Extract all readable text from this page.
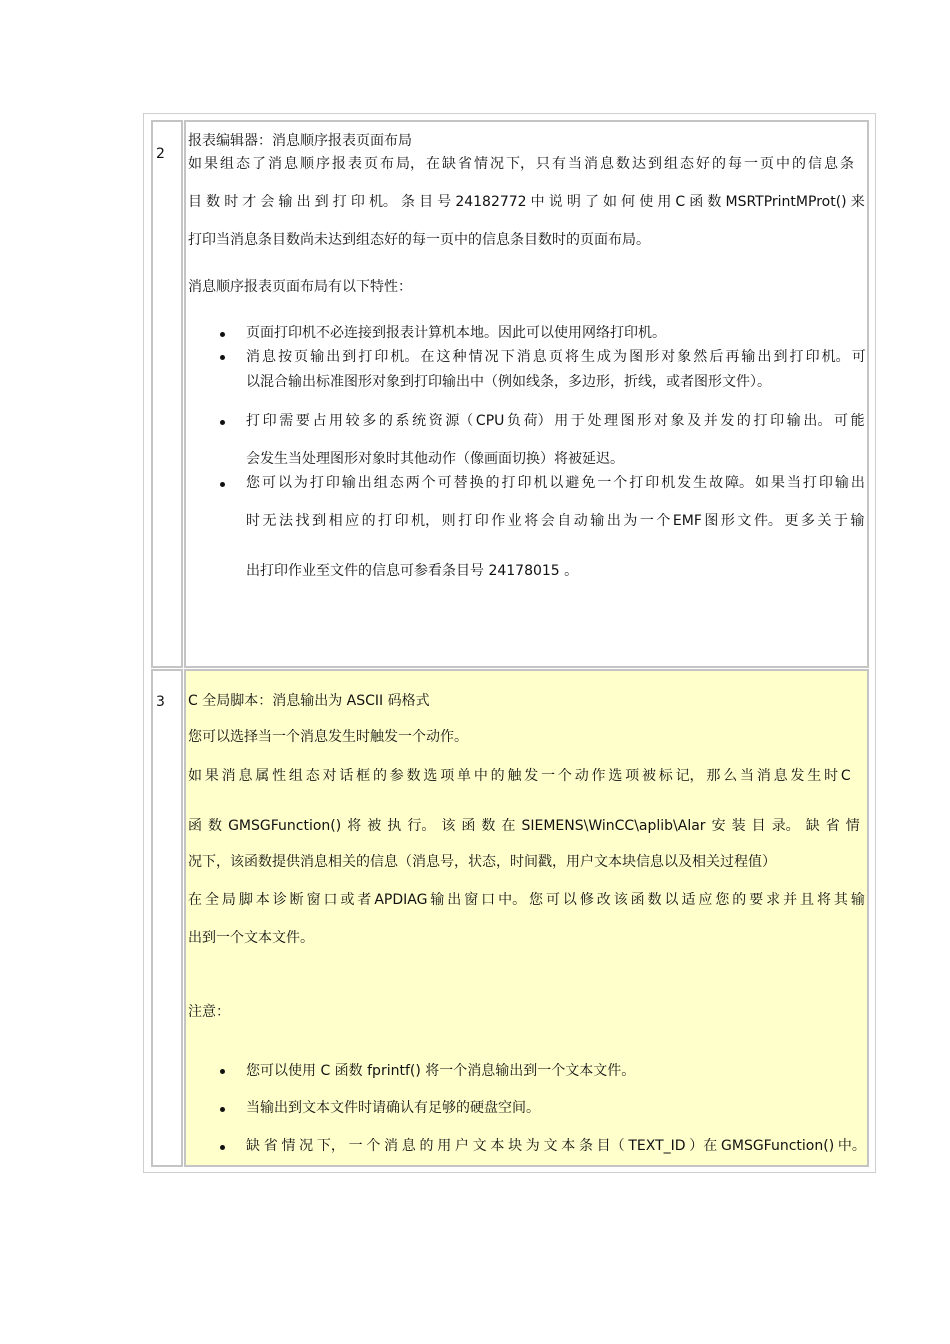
2
报表编辑器：消息顺序报表页面布局
如 果 组 态 了 消 息 顺 序 报 表 页 布 局， 在 缺 省 情 况 下， 只 有 当 消 息 数 达 到 组 态 好 的 每 一 页 中 的 信 息 条
目 数 时 才 会 输 出 到 打 印 机。 条 目 号 24182772 中 说 明 了 如 何 使 用 C 函 数 MSRTPrintMProt() 来
打印当消息条目数尚未达到组态好的每一页中的信息条目数时的页面布局。
消息顺序报表页面布局有以下特性：
页面打印机不必连接到报表计算机本地。因此可以使用网络打印机。
消 息 按 页 输 出 到 打 印 机。 在 这 种 情 况 下 消 息 页 将 生 成 为 图 形 对 象 然 后 再 输 出 到 打 印 机。 可
以混合输出标准图形对象到打印输出中（例如线条，多边形，折线，或者图形文件）。
打 印 需 要 占 用 较 多 的 系 统 资 源（ CPU 负 荷） 用 于 处 理 图 形 对 象 及 并 发 的 打 印 输 出。 可 能
会发生当处理图形对象时其他动作（像画面切换）将被延迟。
您 可 以 为 打 印 输 出 组 态 两 个 可 替 换 的 打 印 机 以 避 免 一 个 打 印 机 发 生 故 障。 如 果 当 打 印 输 出
时 无 法 找 到 相 应 的 打 印 机， 则 打 印 作 业 将 会 自 动 输 出 为 一 个 EMF 图 形 文 件。 更 多 关 于 输
出打印作业至文件的信息可参看条目号 24178015 。
3 C 全局脚本：消息输出为 ASCII 码格式
您可以选择当一个消息发生时触发一个动作。
如 果 消 息 属 性 组 态 对 话 框 的 参 数 选 项 单 中 的 触 发 一 个 动 作 选 项 被 标 记， 那 么 当 消 息 发 生 时 C
函 数 GMSGFunction() 将 被 执 行。 该 函 数 在 SIEMENS\WinCC\aplib\Alar 安 装 目 录。 缺 省 情
况下，该函数提供消息相关的信息（消息号，状态，时间戳，用户文本块信息以及相关过程值）
在 全 局 脚 本 诊 断 窗 口 或 者 APDIAG 输 出 窗 口 中。 您 可 以 修 改 该 函 数 以 适 应 您 的 要 求 并 且 将 其 输
出到一个文本文件。
注意：
您可以使用 C 函数 fprintf() 将一个消息输出到一个文本文件。
当输出到文本文件时请确认有足够的硬盘空间。
缺 省 情 况 下， 一 个 消 息 的 用 户 文 本 块 为 文 本 条 目（ TEXT_ID ）在 GMSGFunction() 中。
